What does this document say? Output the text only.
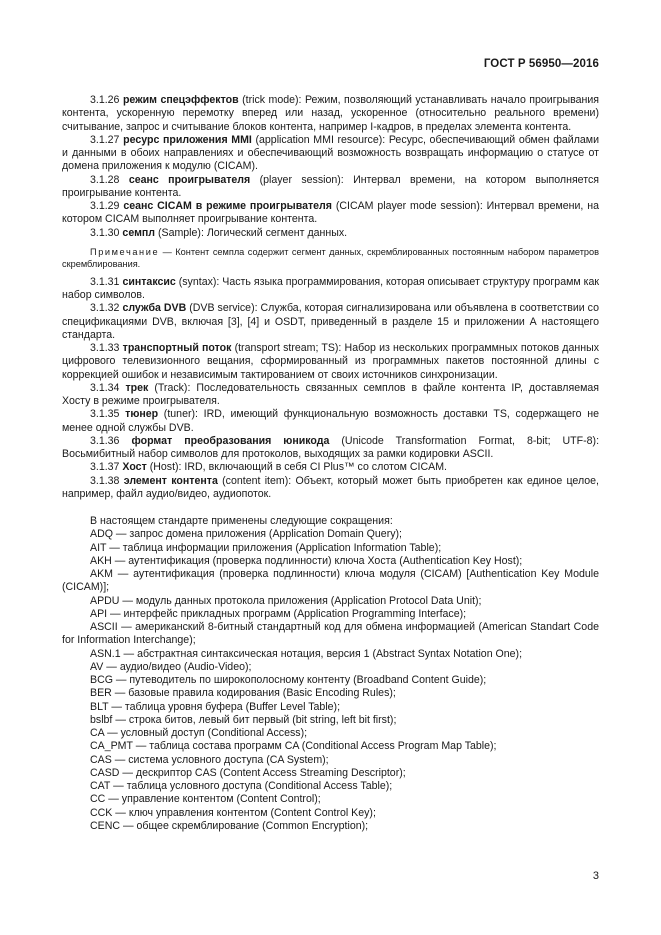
ГОСТ Р 56950—2016

3.1.26 режим спецэффектов (trick mode): Режим, позволяющий устанавливать начало проигрывания контента, ускоренную перемотку вперед или назад, ускоренное (относительно реального времени) считывание, запрос и считывание блоков контента, например I-кадров, в пределах элемента контента.

3.1.27 ресурс приложения MMI (application MMI resource): Ресурс, обеспечивающий обмен файлами и данными в обоих направлениях и обеспечивающий возможность возвращать информацию о статусе от домена приложения к модулю (CICAM).

3.1.28 сеанс проигрывателя (player session): Интервал времени, на котором выполняется проигрывание контента.

3.1.29 сеанс CICAM в режиме проигрывателя (CICAM player mode session): Интервал времени, на котором CICAM выполняет проигрывание контента.

3.1.30 семпл (Sample): Логический сегмент данных.

Примечание — Контент семпла содержит сегмент данных, скремблированных постоянным набором параметров скремблирования.

3.1.31 синтаксис (syntax): Часть языка программирования, которая описывает структуру программ как набор символов.

3.1.32 служба DVB (DVB service): Служба, которая сигнализирована или объявлена в соответствии со спецификациями DVB, включая [3], [4] и OSDT, приведенный в разделе 15 и приложении А настоящего стандарта.

3.1.33 транспортный поток (transport stream; TS): Набор из нескольких программных потоков данных цифрового телевизионного вещания, сформированный из программных пакетов постоянной длины с коррекцией ошибок и независимым тактированием от своих источников синхронизации.

3.1.34 трек (Track): Последовательность связанных семплов в файле контента IP, доставляемая Хосту в режиме проигрывателя.

3.1.35 тюнер (tuner): IRD, имеющий функциональную возможность доставки TS, содержащего не менее одной службы DVB.

3.1.36 формат преобразования юникода (Unicode Transformation Format, 8-bit; UTF-8): Восьмибитный набор символов для протоколов, выходящих за рамки кодировки ASCII.

3.1.37 Хост (Host): IRD, включающий в себя CI Plus™ со слотом CICAM.

3.1.38 элемент контента (content item): Объект, который может быть приобретен как единое целое, например, файл аудио/видео, аудиопоток.

В настоящем стандарте применены следующие сокращения:

ADQ — запрос домена приложения (Application Domain Query);

AIT — таблица информации приложения (Application Information Table);

AKH — аутентификация (проверка подлинности) ключа Хоста (Authentication Key Host);

AKM — аутентификация (проверка подлинности) ключа модуля (CICAM) [Authentication Key Module (CICAM)];

APDU — модуль данных протокола приложения (Application Protocol Data Unit);

API — интерфейс прикладных программ (Application Programming Interface);

ASCII — американский 8-битный стандартный код для обмена информацией (American Standart Code for Information Interchange);

ASN.1 — абстрактная синтаксическая нотация, версия 1 (Abstract Syntax Notation One);

AV — аудио/видео (Audio-Video);

BCG — путеводитель по широкополосному контенту (Broadband Content Guide);

BER — базовые правила кодирования (Basic Encoding Rules);

BLT — таблица уровня буфера (Buffer Level Table);

bslbf — строка битов, левый бит первый (bit string, left bit first);

CA — условный доступ (Conditional Access);

CA_PMT — таблица состава программ CA (Conditional Access Program Map Table);

CAS — система условного доступа (CA System);

CASD — дескриптор CAS (Content Access Streaming Descriptor);

CAT — таблица условного доступа (Conditional Access Table);

CC — управление контентом (Content Control);

CCK — ключ управления контентом (Content Control Key);

CENC — общее скремблирование (Common Encryption);

3
